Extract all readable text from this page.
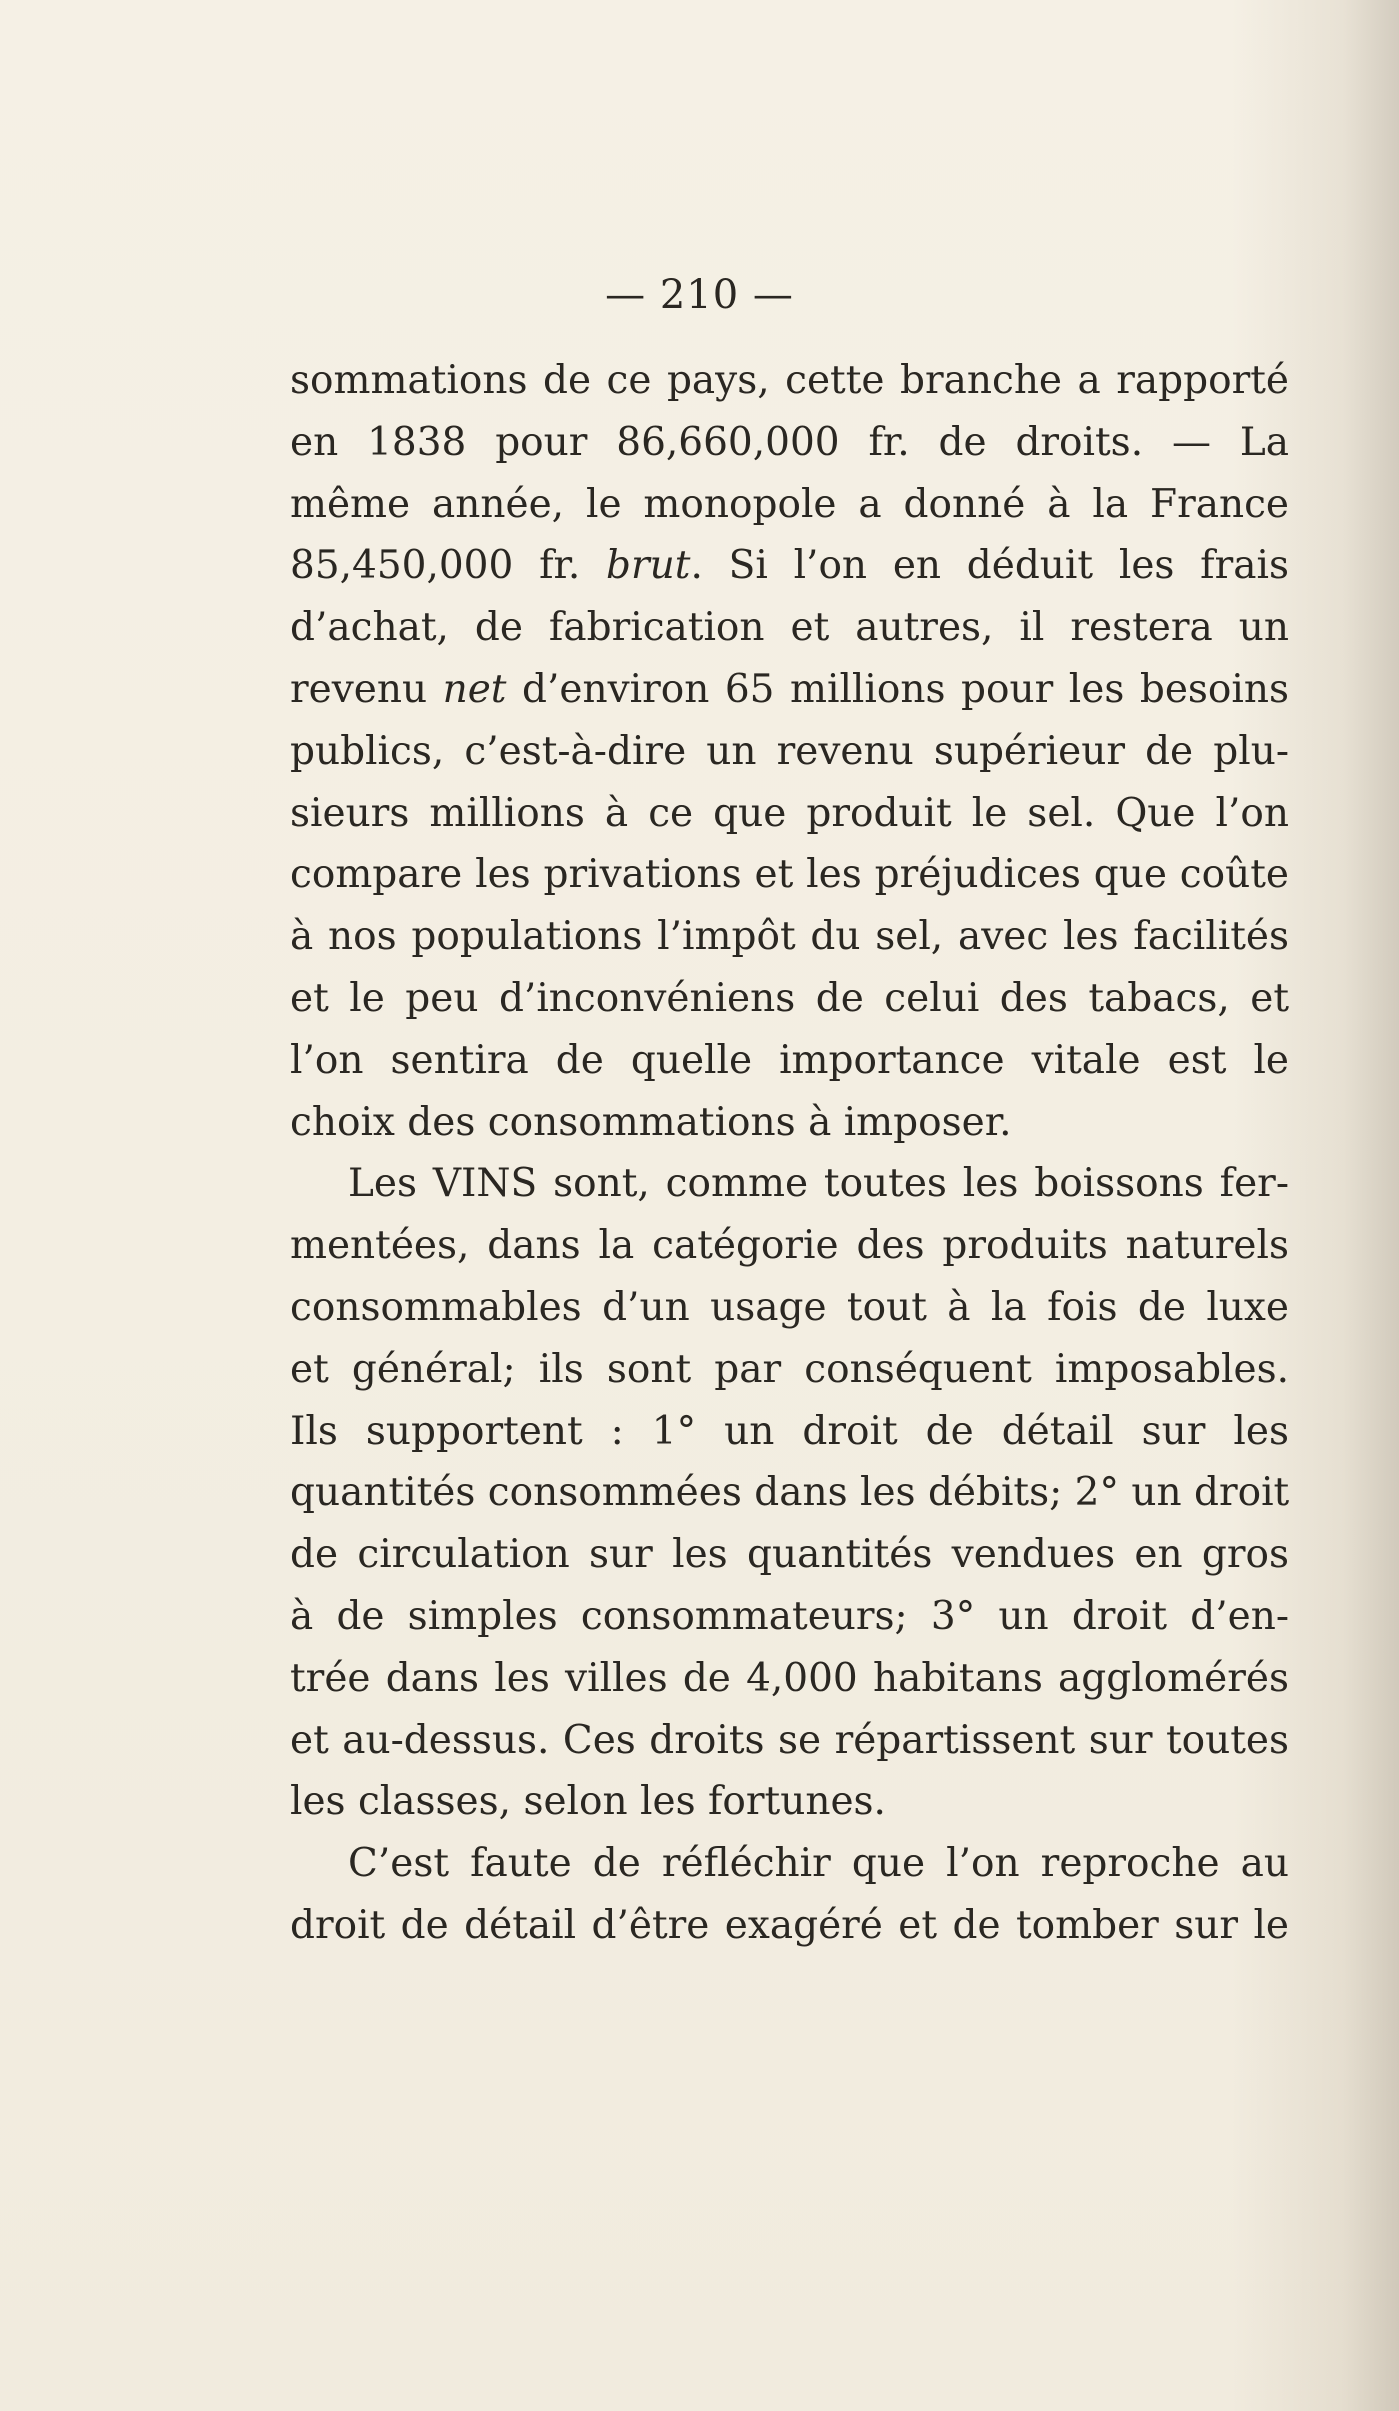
— 210 —
sommations de ce pays, cette branche a rapporté
en 1838 pour 86,660,000 fr. de droits. — La
même année, le monopole a donné à la France
85,450,000 fr. brut. Si l’on en déduit les frais
d’achat, de fabrication et autres, il restera un
revenu net d’environ 65 millions pour les besoins
publics, c’est-à-dire un revenu supérieur de plu-
sieurs millions à ce que produit le sel. Que l’on
compare les privations et les préjudices que coûte
à nos populations l’impôt du sel, avec les facilités
et le peu d’inconvéniens de celui des tabacs, et
l’on sentira de quelle importance vitale est le
choix des consommations à imposer.
Les VINS sont, comme toutes les boissons fer-
mentées, dans la catégorie des produits naturels
consommables d’un usage tout à la fois de luxe
et général; ils sont par conséquent imposables.
Ils supportent : 1° un droit de détail sur les
quantités consommées dans les débits; 2° un droit
de circulation sur les quantités vendues en gros
à de simples consommateurs; 3° un droit d’en-
trée dans les villes de 4,000 habitans agglomérés
et au-dessus. Ces droits se répartissent sur toutes
les classes, selon les fortunes.
C’est faute de réfléchir que l’on reproche au
droit de détail d’être exagéré et de tomber sur le
